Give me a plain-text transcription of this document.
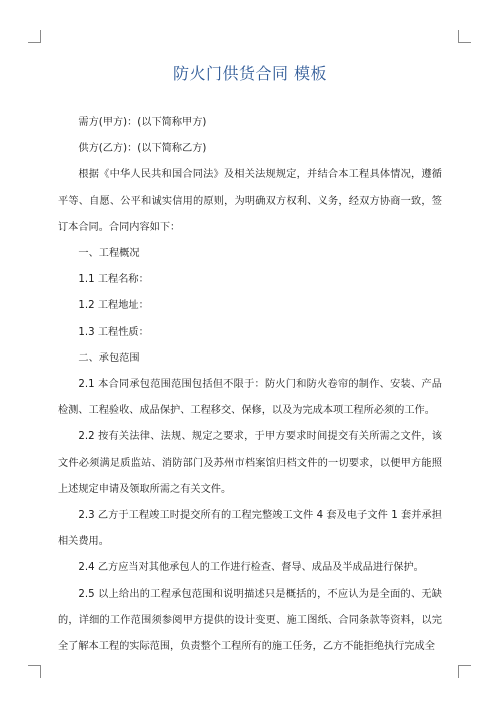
防火门供货合同 模板

需方(甲方)：(以下简称甲方)

供方(乙方)：(以下简称乙方)

根据《中华人民共和国合同法》及相关法规规定，并结合本工程具体情况，遵循平等、自愿、公平和诚实信用的原则，为明确双方权利、义务，经双方协商一致，签订本合同。合同内容如下：

一、工程概况

1.1 工程名称：

1.2 工程地址：

1.3 工程性质：

二、承包范围

2.1 本合同承包范围范围包括但不限于：防火门和防火卷帘的制作、安装、产品检测、工程验收、成品保护、工程移交、保修，以及为完成本项工程所必须的工作。

2.2 按有关法律、法规、规定之要求，于甲方要求时间提交有关所需之文件，该文件必须满足质监站、消防部门及苏州市档案馆归档文件的一切要求，以便甲方能照上述规定申请及领取所需之有关文件。

2.3 乙方于工程竣工时提交所有的工程完整竣工文件 4 套及电子文件 1 套并承担相关费用。

2.4 乙方应当对其他承包人的工作进行检查、督导、成品及半成品进行保护。

2.5 以上给出的工程承包范围和说明描述只是概括的，不应认为是全面的、无缺的，详细的工作范围须参阅甲方提供的设计变更、施工图纸、合同条款等资料，以完全了解本工程的实际范围，负责整个工程所有的施工任务，乙方不能拒绝执行完成全
